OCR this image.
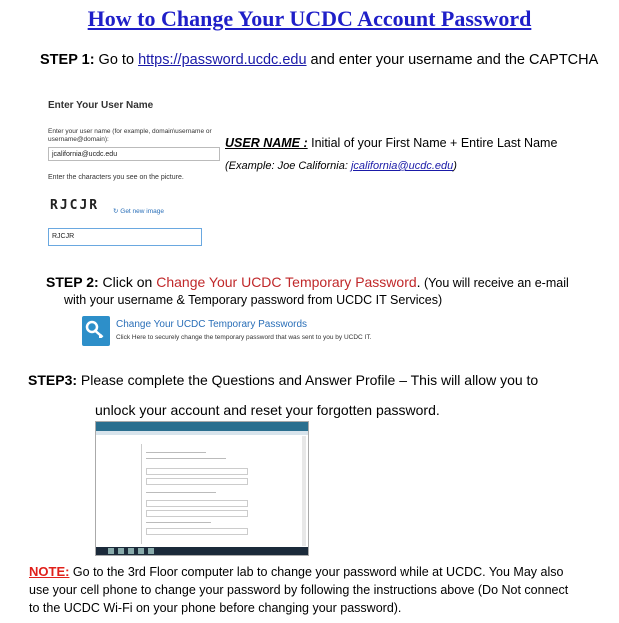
How to Change Your UCDC Account Password
STEP 1: Go to https://password.ucdc.edu and enter your username and the CAPTCHA
Enter Your User Name
Enter your user name (for example, domain\username or username@domain):
jcalifornia@ucdc.edu
Enter the characters you see on the picture.
RJCJR ↻ Get new image
RJCJR
USER NAME : Initial of your First Name + Entire Last Name
(Example: Joe California: jcalifornia@ucdc.edu)
STEP 2: Click on Change Your UCDC Temporary Password. (You will receive an e-mail
with your username & Temporary password from UCDC IT Services)
Change Your UCDC Temporary Passwords
Click Here to securely change the temporary password that was sent to you by UCDC IT.
STEP3: Please complete the Questions and Answer Profile – This will allow you to
unlock your account and reset your forgotten password.
NOTE: Go to the 3rd Floor computer lab to change your password while at UCDC. You May also
use your cell phone to change your password by following the instructions above (Do Not connect
to the UCDC Wi-Fi on your phone before changing your password).
